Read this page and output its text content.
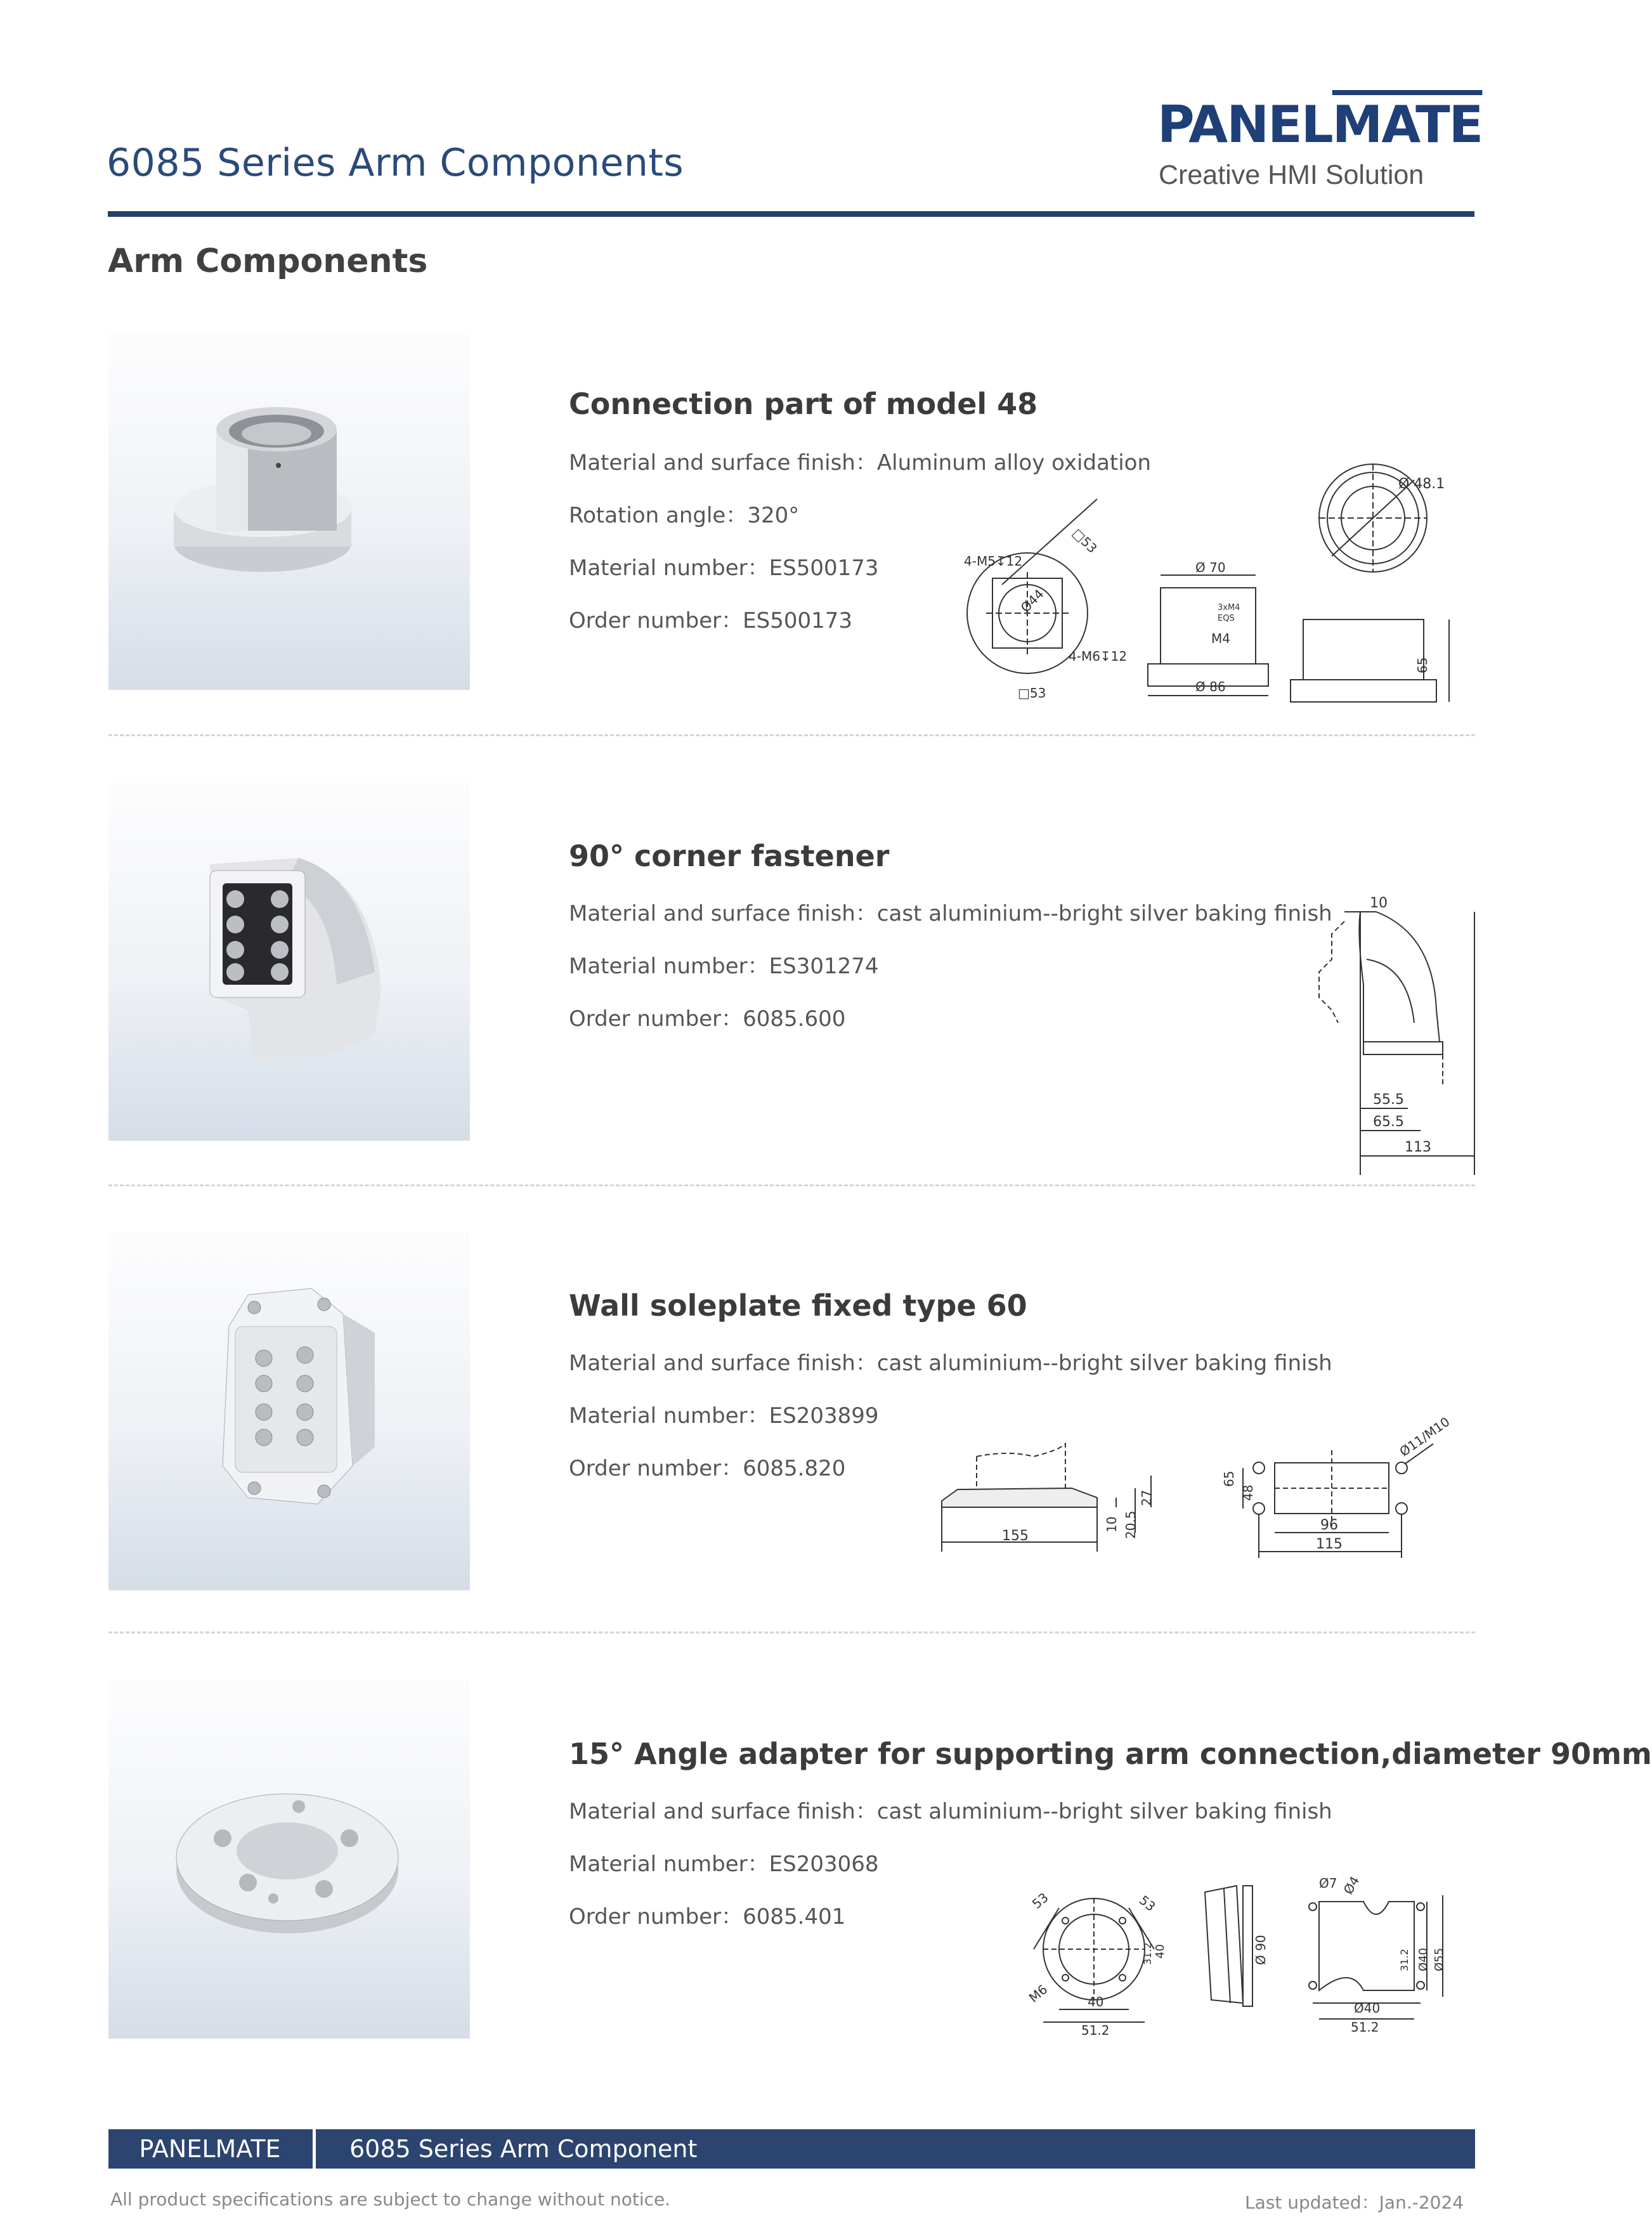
6085 Series Arm Components
PANELMATE
Creative HMI Solution
Arm Components
Connection part of model 48
Material and surface finish：Aluminum alloy oxidation
Rotation angle：320°
Material number：ES500173
Order number：ES500173
Ø 48.1
4-M5↧12
□53
Ø44
4-M6↧12
□53
Ø 70
3xM4
EQS
M4
Ø 86
65
90° corner fastener
Material and surface finish：cast aluminium--bright silver baking finish
Material number：ES301274
Order number：6085.600
10
55.5
65.5
113
Wall soleplate fixed type 60
Material and surface finish：cast aluminium--bright silver baking finish
Material number：ES203899
Order number：6085.820
155
10 20.5
27
65
48
96
115
Ø11/M10
15° Angle adapter for supporting arm connection,diameter 90mm
Material and surface finish：cast aluminium--bright silver baking finish
Material number：ES203068
Order number：6085.401
53	53
40
31.2
M6	40
51.2
Ø 90
Ø7 Ø4
31.2 Ø40 Ø55
Ø40
51.2
PANELMATE	6085 Series Arm Component
All product specifications are subject to change without notice.	Last updated：Jan.-2024
